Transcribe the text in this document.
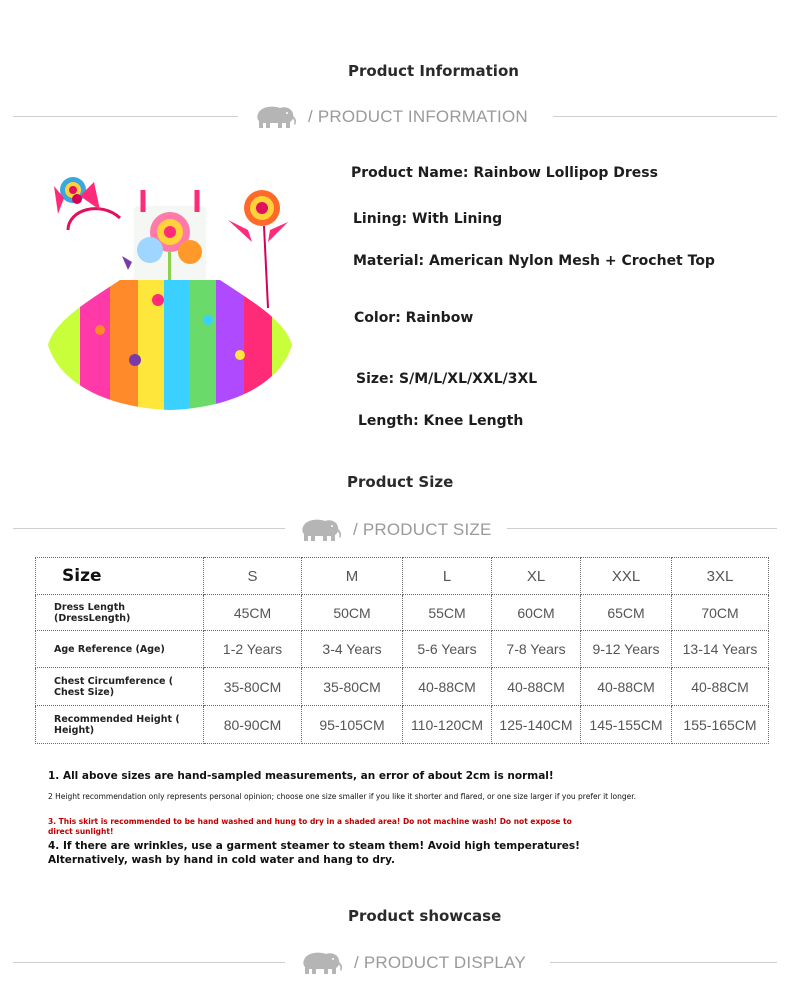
Product Information
/ PRODUCT INFORMATION
Product Name: Rainbow Lollipop Dress
Lining: With Lining
Material: American Nylon Mesh + Crochet Top
Color: Rainbow
Size: S/M/L/XL/XXL/3XL
Length: Knee Length
Product Size
/ PRODUCT SIZE
Size	S	M	L	XL	XXL	3XL
Dress Length (DressLength)	45CM	50CM	55CM	60CM	65CM	70CM
Age Reference (Age)	1-2 Years	3-4 Years	5-6 Years	7-8 Years	9-12 Years	13-14 Years
Chest Circumference ( Chest Size)	35-80CM	35-80CM	40-88CM	40-88CM	40-88CM	40-88CM
Recommended Height ( Height)	80-90CM	95-105CM	110-120CM	125-140CM	145-155CM	155-165CM
1. All above sizes are hand-sampled measurements, an error of about 2cm is normal!
2 Height recommendation only represents personal opinion; choose one size smaller if you like it shorter and flared, or one size larger if you prefer it longer.
3. This skirt is recommended to be hand washed and hung to dry in a shaded area! Do not machine wash! Do not expose to direct sunlight!
4. If there are wrinkles, use a garment steamer to steam them! Avoid high temperatures! Alternatively, wash by hand in cold water and hang to dry.
Product showcase
/ PRODUCT DISPLAY
